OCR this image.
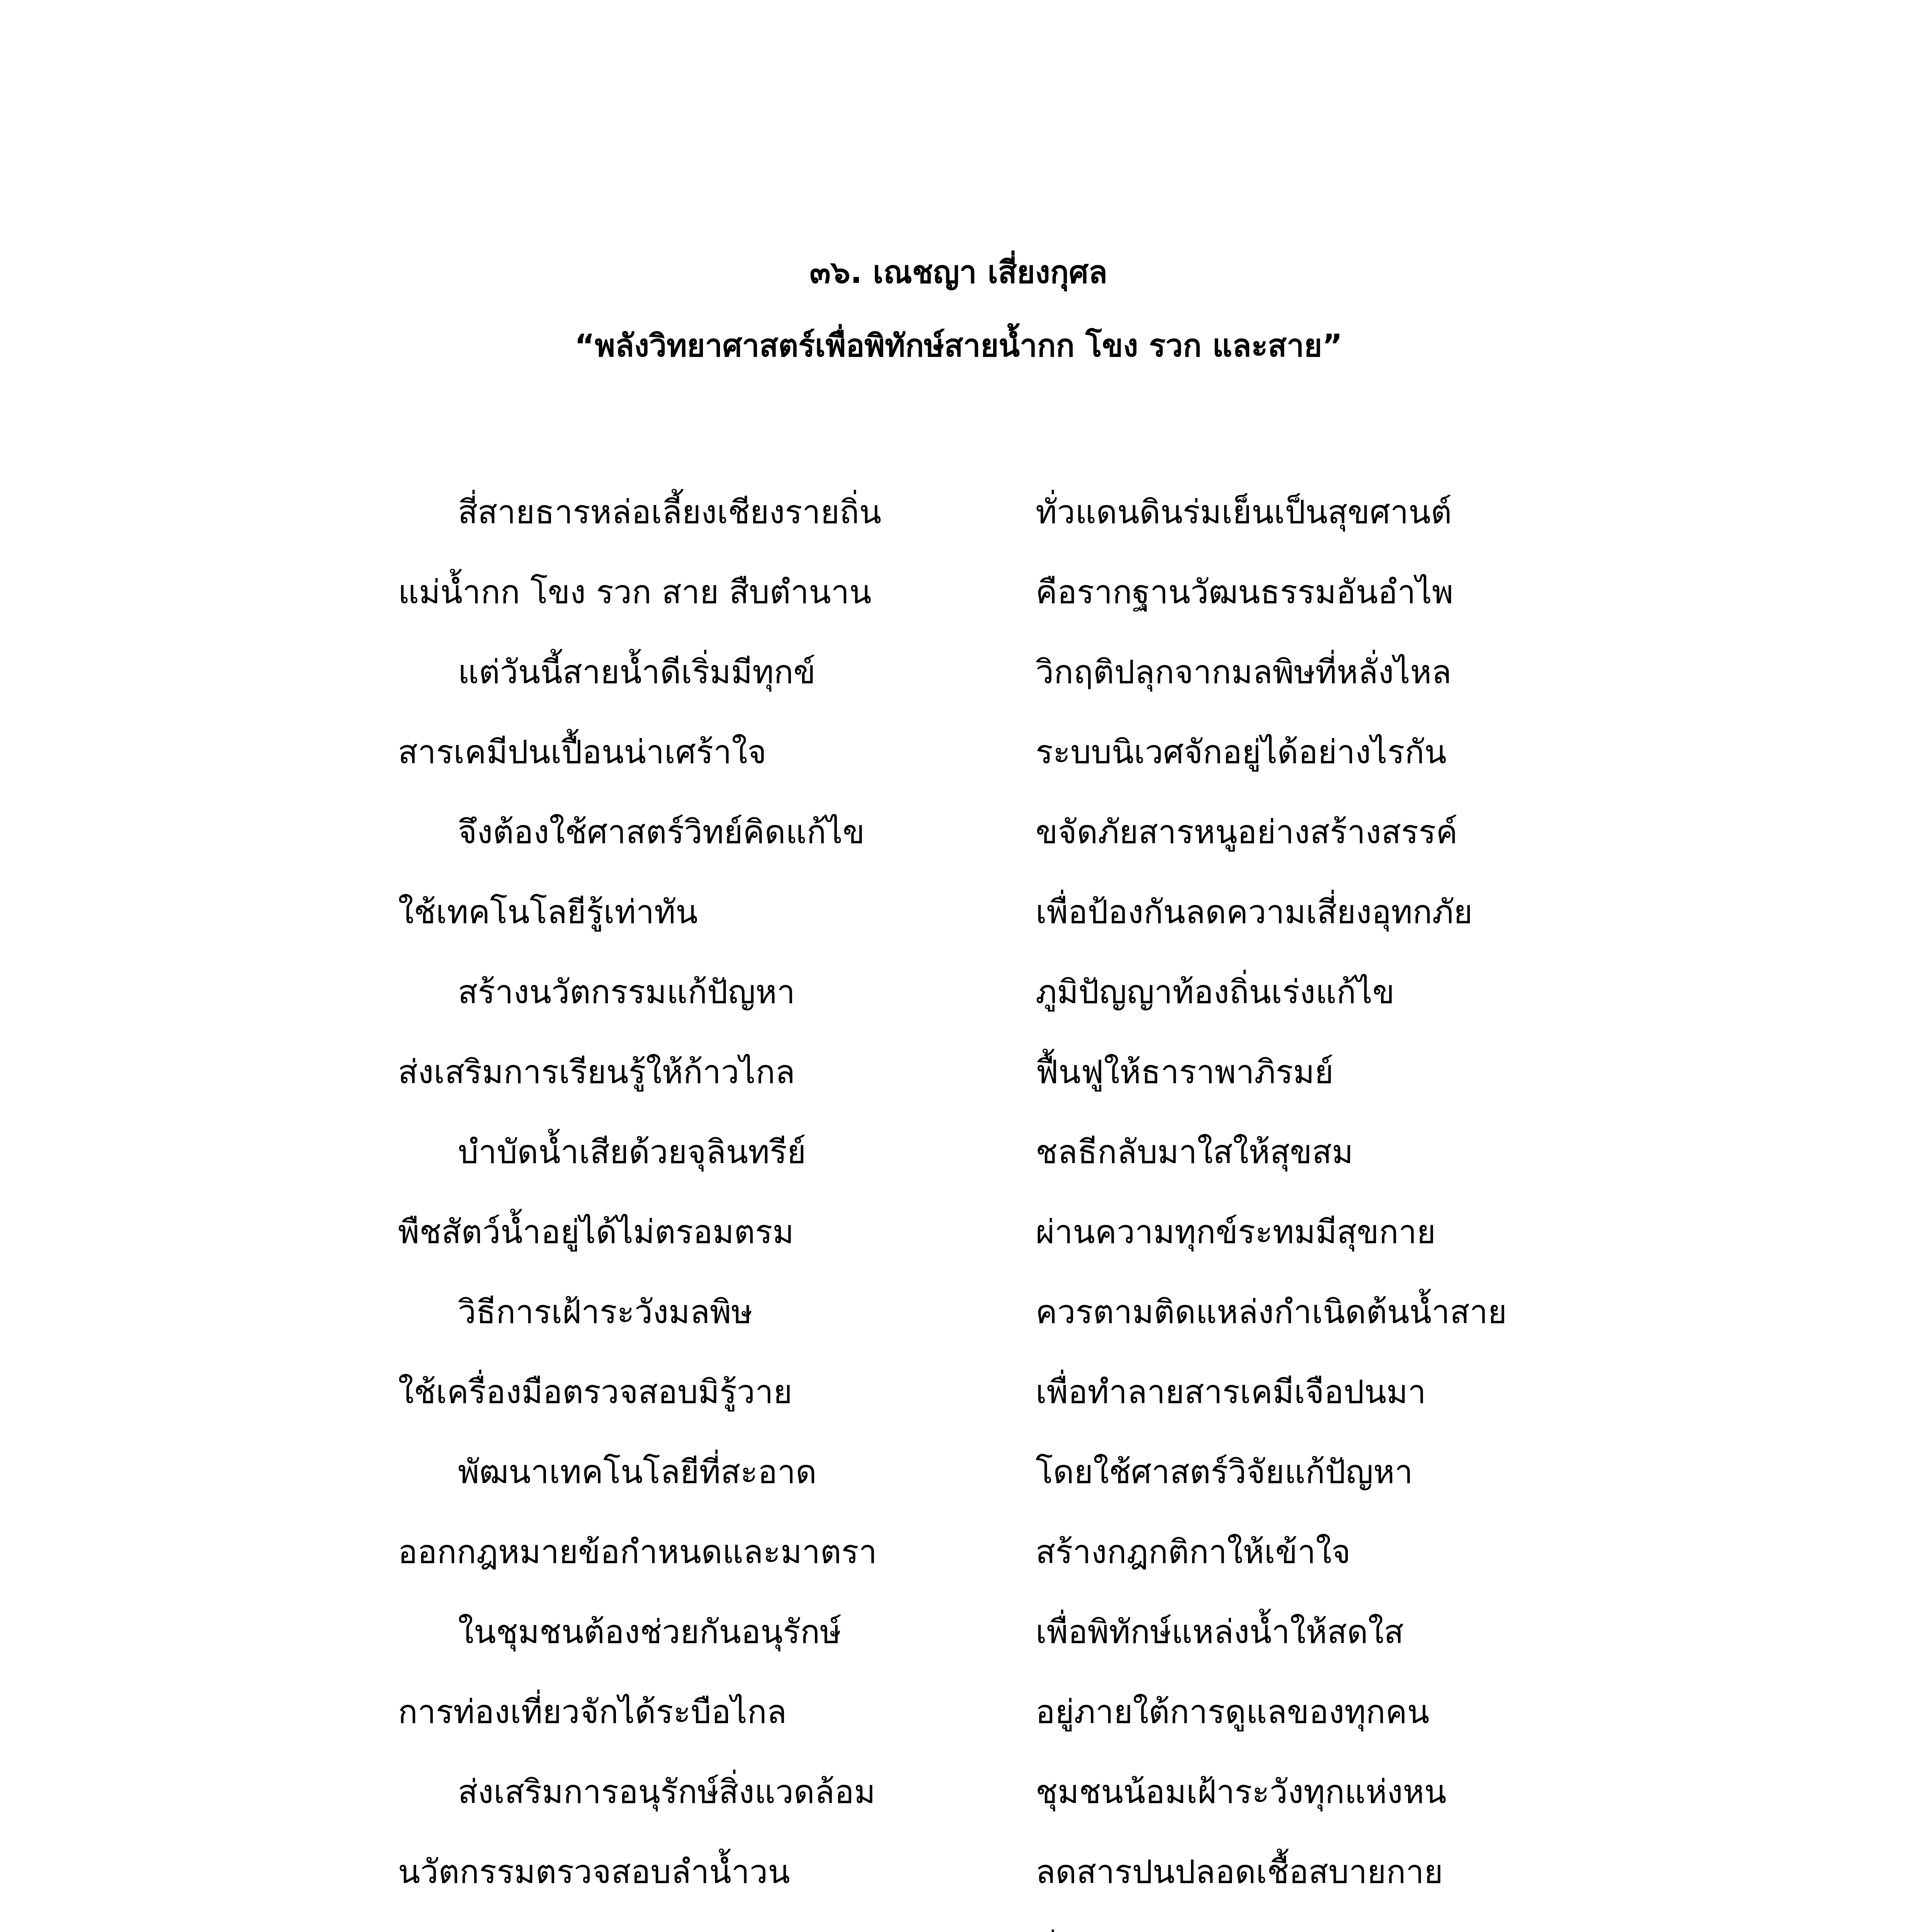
๓๖. เณชญา เสี่ยงกุศล
“พลังวิทยาศาสตร์เพื่อพิทักษ์สายน้ำกก โขง รวก และสาย”
สี่สายธารหล่อเลี้ยงเชียงรายถิ่น	ทั่วแดนดินร่มเย็นเป็นสุขศานต์
แม่น้ำกก โขง รวก สาย สืบตำนาน	คือรากฐานวัฒนธรรมอันอำไพ
แต่วันนี้สายน้ำดีเริ่มมีทุกข์	วิกฤติปลุกจากมลพิษที่หลั่งไหล
สารเคมีปนเปื้อนน่าเศร้าใจ	ระบบนิเวศจักอยู่ได้อย่างไรกัน
จึงต้องใช้ศาสตร์วิทย์คิดแก้ไข	ขจัดภัยสารหนูอย่างสร้างสรรค์
ใช้เทคโนโลยีรู้เท่าทัน	เพื่อป้องกันลดความเสี่ยงอุทกภัย
สร้างนวัตกรรมแก้ปัญหา	ภูมิปัญญาท้องถิ่นเร่งแก้ไข
ส่งเสริมการเรียนรู้ให้ก้าวไกล	ฟื้นฟูให้ธาราพาภิรมย์
บำบัดน้ำเสียด้วยจุลินทรีย์	ชลธีกลับมาใสให้สุขสม
พืชสัตว์น้ำอยู่ได้ไม่ตรอมตรม	ผ่านความทุกข์ระทมมีสุขกาย
วิธีการเฝ้าระวังมลพิษ	ควรตามติดแหล่งกำเนิดต้นน้ำสาย
ใช้เครื่องมือตรวจสอบมิรู้วาย	เพื่อทำลายสารเคมีเจือปนมา
พัฒนาเทคโนโลยีที่สะอาด	โดยใช้ศาสตร์วิจัยแก้ปัญหา
ออกกฎหมายข้อกำหนดและมาตรา	สร้างกฎกติกาให้เข้าใจ
ในชุมชนต้องช่วยกันอนุรักษ์	เพื่อพิทักษ์แหล่งน้ำให้สดใส
การท่องเที่ยวจักได้ระบือไกล	อยู่ภายใต้การดูแลของทุกคน
ส่งเสริมการอนุรักษ์สิ่งแวดล้อม	ชุมชนน้อมเฝ้าระวังทุกแห่งหน
นวัตกรรมตรวจสอบลำน้ำวน	ลดสารปนปลอดเชื้อสบายกาย
